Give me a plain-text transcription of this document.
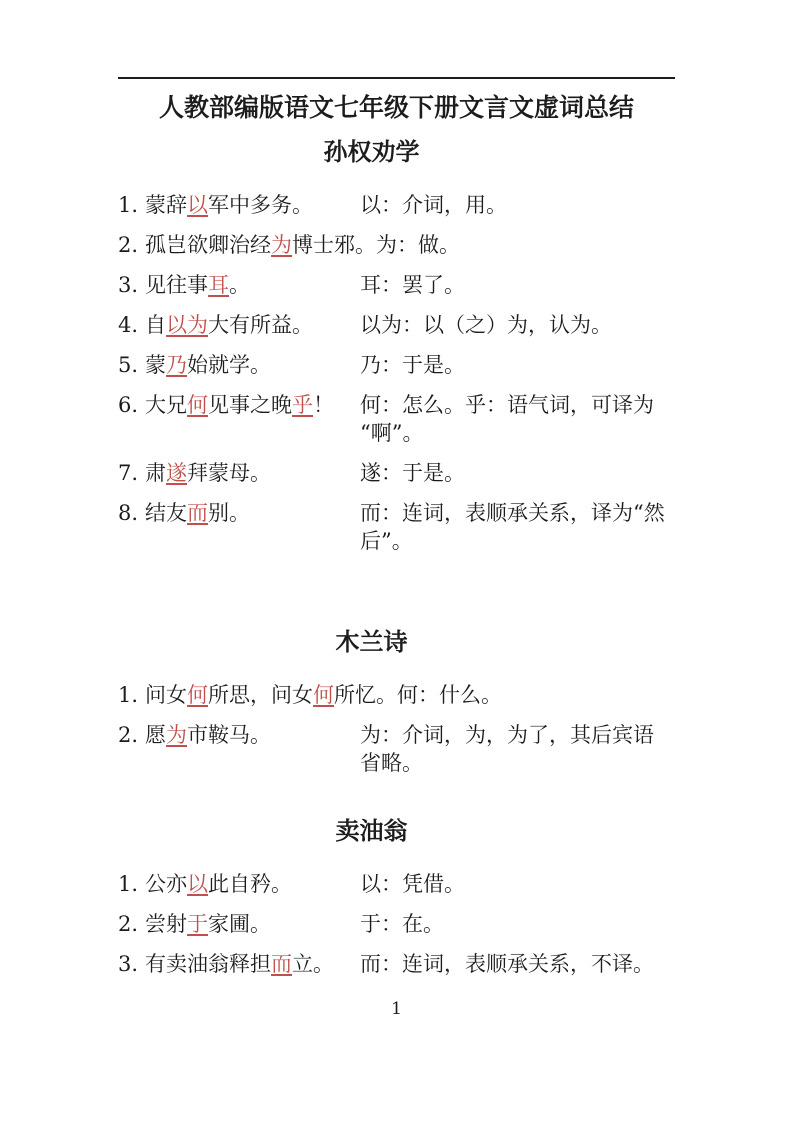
人教部编版语文七年级下册文言文虚词总结
孙权劝学
1. 蒙辞以军中多务。	以：介词，用。
2. 孤岂欲卿治经为博士邪。 为：做。
3. 见往事耳。	耳：罢了。
4. 自以为大有所益。	以为：以（之）为，认为。
5. 蒙乃始就学。	乃：于是。
6. 大兄何见事之晚乎！	何：怎么。乎：语气词，可译为
“啊”。
7. 肃遂拜蒙母。	遂：于是。
8. 结友而别。	而：连词，表顺承关系，译为“然
后”。
木兰诗
1. 问女何所思，问女何所忆。 何：什么。
2. 愿为市鞍马。	为：介词，为，为了，其后宾语
省略。
卖油翁
1. 公亦以此自矜。	以：凭借。
2. 尝射于家圃。	于：在。
3. 有卖油翁释担而立。	而：连词，表顺承关系，不译。
1
